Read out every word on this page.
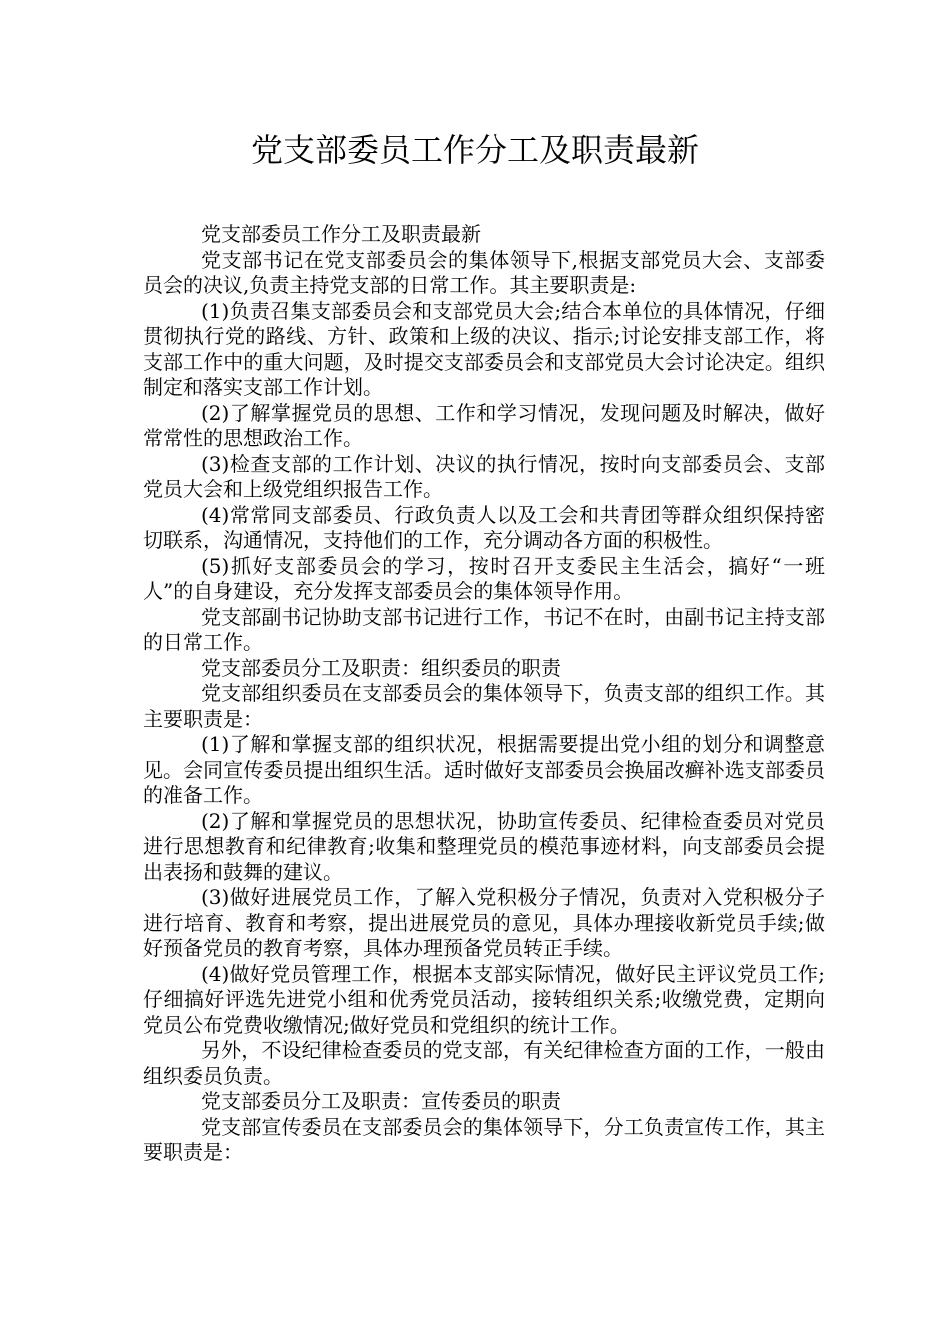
党支部委员工作分工及职责最新

党支部委员工作分工及职责最新

党支部书记在党支部委员会的集体领导下,根据支部党员大会、支部委员会的决议,负责主持党支部的日常工作。其主要职责是:

(1)负责召集支部委员会和支部党员大会;结合本单位的具体情况，仔细贯彻执行党的路线、方针、政策和上级的决议、指示;讨论安排支部工作，将支部工作中的重大问题，及时提交支部委员会和支部党员大会讨论决定。组织制定和落实支部工作计划。

(2)了解掌握党员的思想、工作和学习情况，发现问题及时解决，做好常常性的思想政治工作。

(3)检查支部的工作计划、决议的执行情况，按时向支部委员会、支部党员大会和上级党组织报告工作。

(4)常常同支部委员、行政负责人以及工会和共青团等群众组织保持密切联系，沟通情况，支持他们的工作，充分调动各方面的积极性。

(5)抓好支部委员会的学习，按时召开支委民主生活会，搞好“一班人”的自身建设，充分发挥支部委员会的集体领导作用。

党支部副书记协助支部书记进行工作，书记不在时，由副书记主持支部的日常工作。

党支部委员分工及职责：组织委员的职责

党支部组织委员在支部委员会的集体领导下，负责支部的组织工作。其主要职责是：

(1)了解和掌握支部的组织状况，根据需要提出党小组的划分和调整意见。会同宣传委员提出组织生活。适时做好支部委员会换届改癣补选支部委员的准备工作。

(2)了解和掌握党员的思想状况，协助宣传委员、纪律检查委员对党员进行思想教育和纪律教育;收集和整理党员的模范事迹材料，向支部委员会提出表扬和鼓舞的建议。

(3)做好进展党员工作，了解入党积极分子情况，负责对入党积极分子进行培育、教育和考察，提出进展党员的意见，具体办理接收新党员手续;做好预备党员的教育考察，具体办理预备党员转正手续。

(4)做好党员管理工作，根据本支部实际情况，做好民主评议党员工作;仔细搞好评选先进党小组和优秀党员活动，接转组织关系;收缴党费，定期向党员公布党费收缴情况;做好党员和党组织的统计工作。

另外，不设纪律检查委员的党支部，有关纪律检查方面的工作，一般由组织委员负责。

党支部委员分工及职责：宣传委员的职责

党支部宣传委员在支部委员会的集体领导下，分工负责宣传工作，其主要职责是：
